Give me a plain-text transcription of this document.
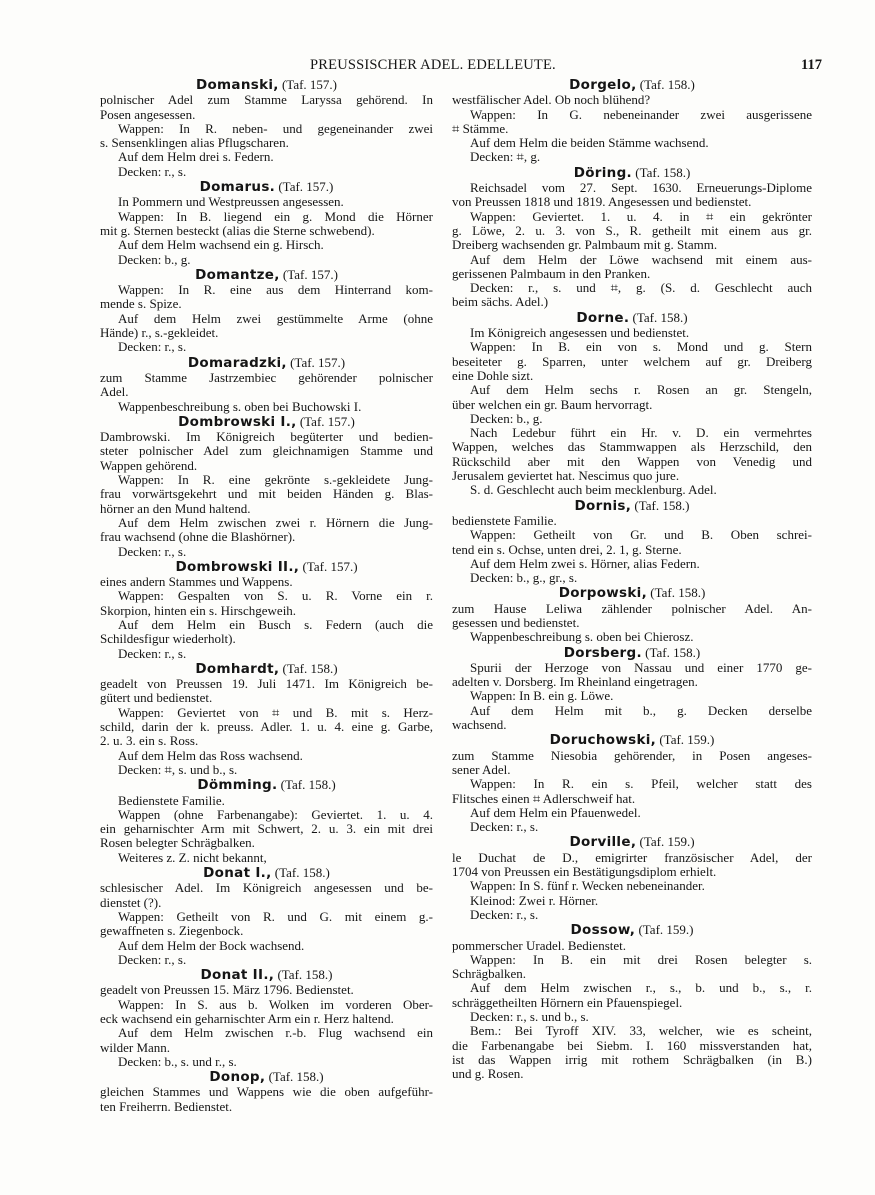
PREUSSISCHER ADEL. EDELLEUTE.	117
Domanski, (Taf. 157.)
polnischer Adel zum Stamme Laryssa gehörend. In
Posen angesessen.
Wappen: In R. neben- und gegeneinander zwei
s. Sensenklingen alias Pflugscharen.
Auf dem Helm drei s. Federn.
Decken: r., s.
Domarus. (Taf. 157.)
In Pommern und Westpreussen angesessen.
Wappen: In B. liegend ein g. Mond die Hörner
mit g. Sternen besteckt (alias die Sterne schwebend).
Auf dem Helm wachsend ein g. Hirsch.
Decken: b., g.
Domantze, (Taf. 157.)
Wappen: In R. eine aus dem Hinterrand kom-
mende s. Spize.
Auf dem Helm zwei gestümmelte Arme (ohne
Hände) r., s.-gekleidet.
Decken: r., s.
Domaradzki, (Taf. 157.)
zum Stamme Jastrzembiec gehörender polnischer
Adel.
Wappenbeschreibung s. oben bei Buchowski I.
Dombrowski I., (Taf. 157.)
Dambrowski. Im Königreich begüterter und bedien-
steter polnischer Adel zum gleichnamigen Stamme und
Wappen gehörend.
Wappen: In R. eine gekrönte s.-gekleidete Jung-
frau vorwärtsgekehrt und mit beiden Händen g. Blas-
hörner an den Mund haltend.
Auf dem Helm zwischen zwei r. Hörnern die Jung-
frau wachsend (ohne die Blashörner).
Decken: r., s.
Dombrowski II., (Taf. 157.)
eines andern Stammes und Wappens.
Wappen: Gespalten von S. u. R. Vorne ein r.
Skorpion, hinten ein s. Hirschgeweih.
Auf dem Helm ein Busch s. Federn (auch die
Schildesfigur wiederholt).
Decken: r., s.
Domhardt, (Taf. 158.)
geadelt von Preussen 19. Juli 1471. Im Königreich be-
gütert und bedienstet.
Wappen: Geviertet von ⌗ und B. mit s. Herz-
schild, darin der k. preuss. Adler. 1. u. 4. eine g. Garbe,
2. u. 3. ein s. Ross.
Auf dem Helm das Ross wachsend.
Decken: ⌗, s. und b., s.
Dömming. (Taf. 158.)
Bedienstete Familie.
Wappen (ohne Farbenangabe): Geviertet. 1. u. 4.
ein geharnischter Arm mit Schwert, 2. u. 3. ein mit drei
Rosen belegter Schrägbalken.
Weiteres z. Z. nicht bekannt,
Donat I., (Taf. 158.)
schlesischer Adel. Im Königreich angesessen und be-
dienstet (?).
Wappen: Getheilt von R. und G. mit einem g.-
gewaffneten s. Ziegenbock.
Auf dem Helm der Bock wachsend.
Decken: r., s.
Donat II., (Taf. 158.)
geadelt von Preussen 15. März 1796. Bedienstet.
Wappen: In S. aus b. Wolken im vorderen Ober-
eck wachsend ein geharnischter Arm ein r. Herz haltend.
Auf dem Helm zwischen r.-b. Flug wachsend ein
wilder Mann.
Decken: b., s. und r., s.
Donop, (Taf. 158.)
gleichen Stammes und Wappens wie die oben aufgeführ-
ten Freiherrn. Bedienstet.
Dorgelo, (Taf. 158.)
westfälischer Adel. Ob noch blühend?
Wappen: In G. nebeneinander zwei ausgerissene
⌗ Stämme.
Auf dem Helm die beiden Stämme wachsend.
Decken: ⌗, g.
Döring. (Taf. 158.)
Reichsadel vom 27. Sept. 1630. Erneuerungs-Diplome
von Preussen 1818 und 1819. Angesessen und bedienstet.
Wappen: Geviertet. 1. u. 4. in ⌗ ein gekrönter
g. Löwe, 2. u. 3. von S., R. getheilt mit einem aus gr.
Dreiberg wachsenden gr. Palmbaum mit g. Stamm.
Auf dem Helm der Löwe wachsend mit einem aus-
gerissenen Palmbaum in den Pranken.
Decken: r., s. und ⌗, g. (S. d. Geschlecht auch
beim sächs. Adel.)
Dorne. (Taf. 158.)
Im Königreich angesessen und bedienstet.
Wappen: In B. ein von s. Mond und g. Stern
beseiteter g. Sparren, unter welchem auf gr. Dreiberg
eine Dohle sizt.
Auf dem Helm sechs r. Rosen an gr. Stengeln,
über welchen ein gr. Baum hervorragt.
Decken: b., g.
Nach Ledebur führt ein Hr. v. D. ein vermehrtes
Wappen, welches das Stammwappen als Herzschild, den
Rückschild aber mit den Wappen von Venedig und
Jerusalem geviertet hat. Nescimus quo jure.
S. d. Geschlecht auch beim mecklenburg. Adel.
Dornis, (Taf. 158.)
bedienstete Familie.
Wappen: Getheilt von Gr. und B. Oben schrei-
tend ein s. Ochse, unten drei, 2. 1, g. Sterne.
Auf dem Helm zwei s. Hörner, alias Federn.
Decken: b., g., gr., s.
Dorpowski, (Taf. 158.)
zum Hause Leliwa zählender polnischer Adel. An-
gesessen und bedienstet.
Wappenbeschreibung s. oben bei Chierosz.
Dorsberg. (Taf. 158.)
Spurii der Herzoge von Nassau und einer 1770 ge-
adelten v. Dorsberg. Im Rheinland eingetragen.
Wappen: In B. ein g. Löwe.
Auf dem Helm mit b., g. Decken derselbe
wachsend.
Doruchowski, (Taf. 159.)
zum Stamme Niesobia gehörender, in Posen angeses-
sener Adel.
Wappen: In R. ein s. Pfeil, welcher statt des
Flitsches einen ⌗ Adlerschweif hat.
Auf dem Helm ein Pfauenwedel.
Decken: r., s.
Dorville, (Taf. 159.)
le Duchat de D., emigrirter französischer Adel, der
1704 von Preussen ein Bestätigungsdiplom erhielt.
Wappen: In S. fünf r. Wecken nebeneinander.
Kleinod: Zwei r. Hörner.
Decken: r., s.
Dossow, (Taf. 159.)
pommerscher Uradel. Bedienstet.
Wappen: In B. ein mit drei Rosen belegter s.
Schrägbalken.
Auf dem Helm zwischen r., s., b. und b., s., r.
schräggetheilten Hörnern ein Pfauenspiegel.
Decken: r., s. und b., s.
Bem.: Bei Tyroff XIV. 33, welcher, wie es scheint,
die Farbenangabe bei Siebm. I. 160 missverstanden hat,
ist das Wappen irrig mit rothem Schrägbalken (in B.)
und g. Rosen.
